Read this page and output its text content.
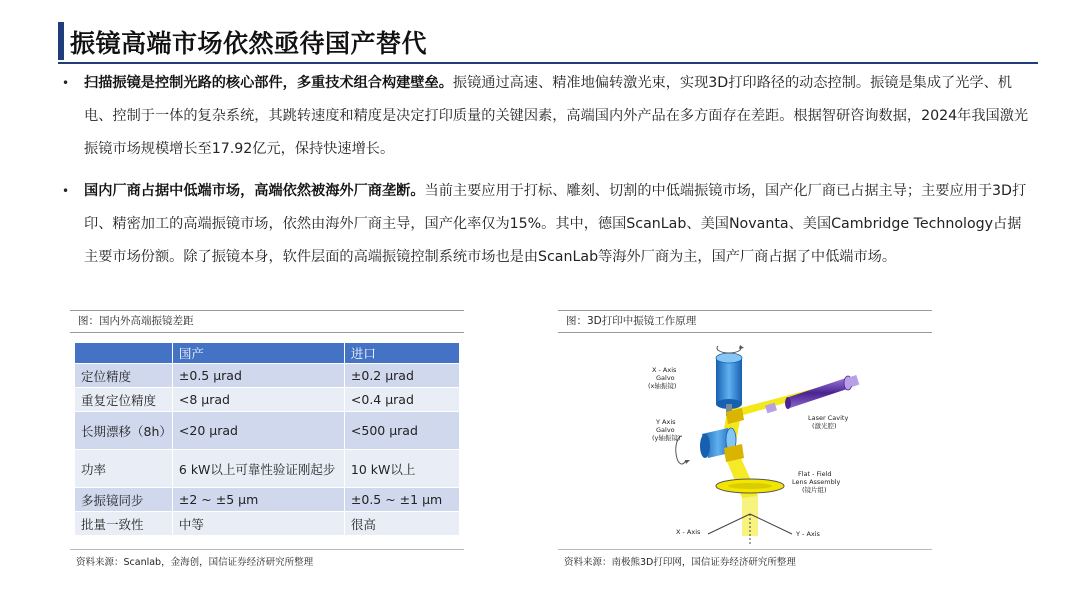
振镜高端市场依然亟待国产替代
•	扫描振镜是控制光路的核心部件，多重技术组合构建壁垒。振镜通过高速、精准地偏转激光束，实现3D打印路径的动态控制。振镜是集成了光学、机电、控制于一体的复杂系统，其跳转速度和精度是决定打印质量的关键因素，高端国内外产品在多方面存在差距。根据智研咨询数据，2024年我国激光振镜市场规模增长至17.92亿元，保持快速增长。
•	国内厂商占据中低端市场，高端依然被海外厂商垄断。当前主要应用于打标、雕刻、切割的中低端振镜市场，国产化厂商已占据主导；主要应用于3D打印、精密加工的高端振镜市场，依然由海外厂商主导，国产化率仅为15%。其中，德国ScanLab、美国Novanta、美国Cambridge Technology占据主要市场份额。除了振镜本身，软件层面的高端振镜控制系统市场也是由ScanLab等海外厂商为主，国产厂商占据了中低端市场。
图：国内外高端振镜差距
	国产	进口
定位精度	±0.5 μrad	±0.2 μrad
重复定位精度	<8 μrad	<0.4 μrad
长期漂移（8h）	<20 μrad	<500 μrad
功率	6 kW以上可靠性验证刚起步	10 kW以上
多振镜同步	±2 ~ ±5 μm	±0.5 ~ ±1 μm
批量一致性	中等	很高
资料来源：Scanlab，金海创，国信证券经济研究所整理
图：3D打印中振镜工作原理
X - Axis
Galvo
(x轴振镜)
Y Axis
Galvo
(y轴振镜)
Laser Cavity
(激光腔)
Flat - Field
Lens Assembly
(镜片组)
X - Axis	Y - Axis
资料来源：南极熊3D打印网，国信证券经济研究所整理
